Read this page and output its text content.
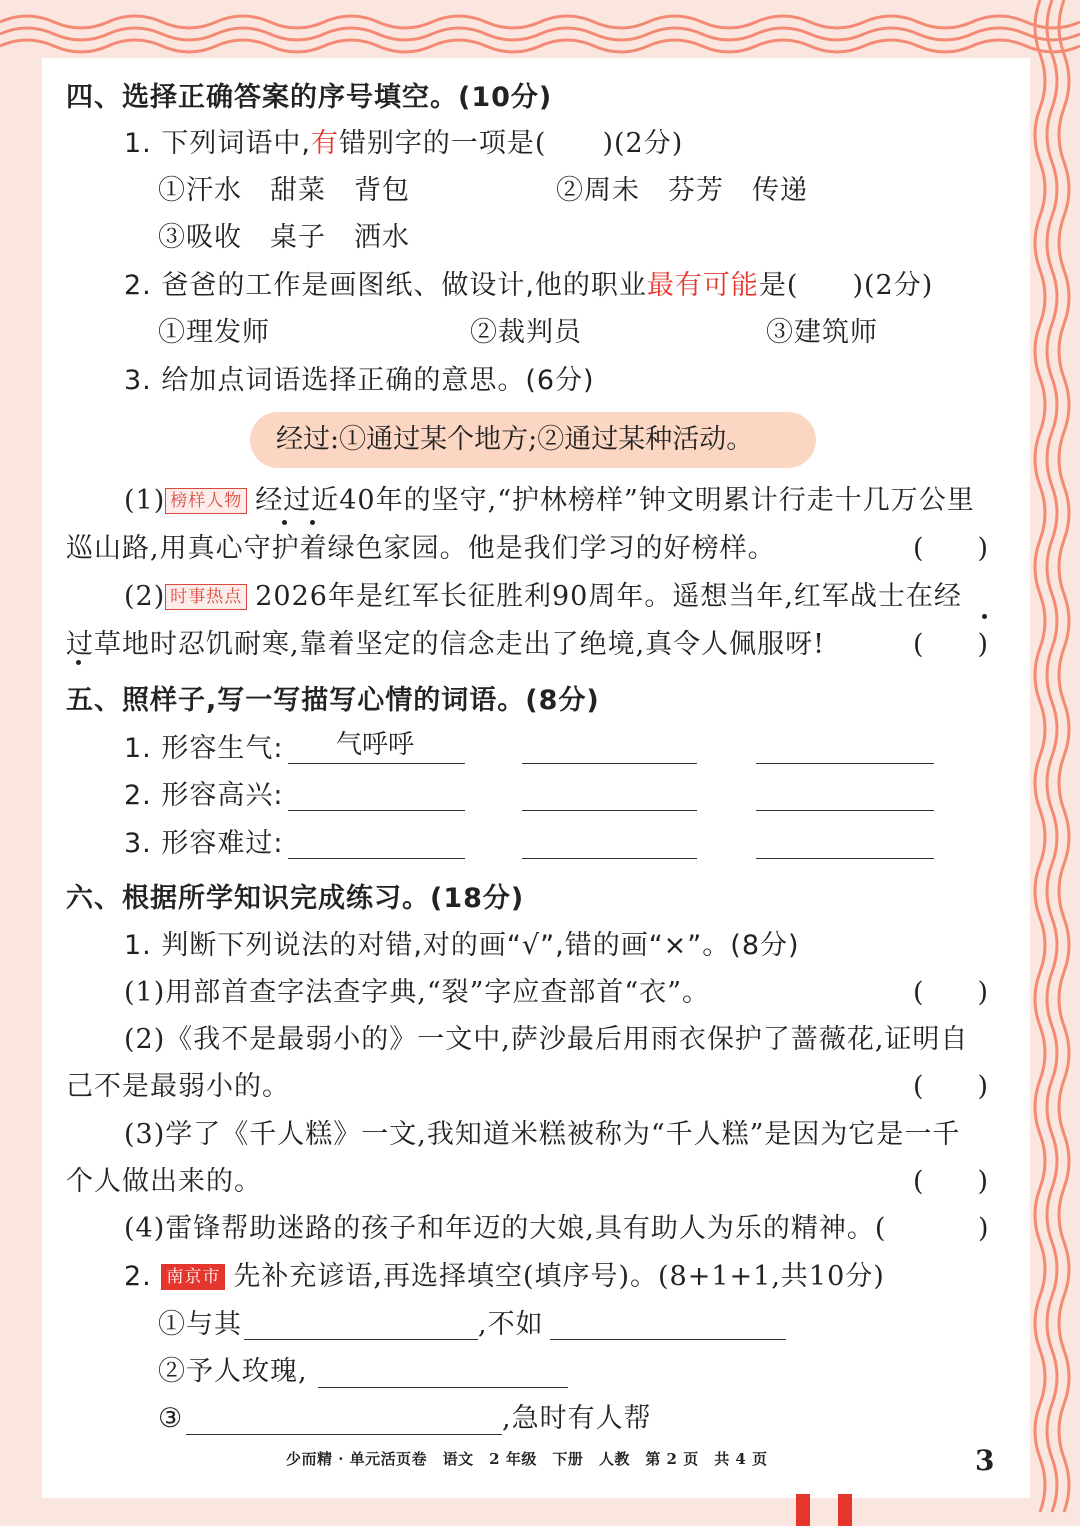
四、选择正确答案的序号填空。(10分)
1. 下列词语中,有错别字的一项是( )(2分)
①汗水　甜菜　背包	②周未　芬芳　传递
③吸收　桌子　洒水
2. 爸爸的工作是画图纸、做设计,他的职业最有可能是( )(2分)
①理发师	②裁判员	③建筑师
3. 给加点词语选择正确的意思。(6分)
经过:①通过某个地方;②通过某种活动。
(1) 榜样人物 经过近40年的坚守,“护林榜样”钟文明累计行走十几万公里
巡山路,用真心守护着绿色家园。他是我们学习的好榜样。	(　　)
(2) 时事热点 2026年是红军长征胜利90周年。遥想当年,红军战士在经
过草地时忍饥耐寒,靠着坚定的信念走出了绝境,真令人佩服呀!	(　　)
五、照样子,写一写描写心情的词语。(8分)
1. 形容生气: 气呼呼
2. 形容高兴:
3. 形容难过:
六、根据所学知识完成练习。(18分)
1. 判断下列说法的对错,对的画“√”,错的画“×”。(8分)
(1)用部首查字法查字典,“裂”字应查部首“衣”。	(　　)
(2)《我不是最弱小的》一文中,萨沙最后用雨衣保护了蔷薇花,证明自
己不是最弱小的。	(　　)
(3)学了《千人糕》一文,我知道米糕被称为“千人糕”是因为它是一千
个人做出来的。	(　　)
(4)雷锋帮助迷路的孩子和年迈的大娘,具有助人为乐的精神。(	)
2. 南京市 先补充谚语,再选择填空(填序号)。(8+1+1,共10分)
①与其	,不如
②予人玫瑰,
③	,急时有人帮
少而精 · 单元活页卷　语文　2 年级　下册　人教　第 2 页　共 4 页	3
